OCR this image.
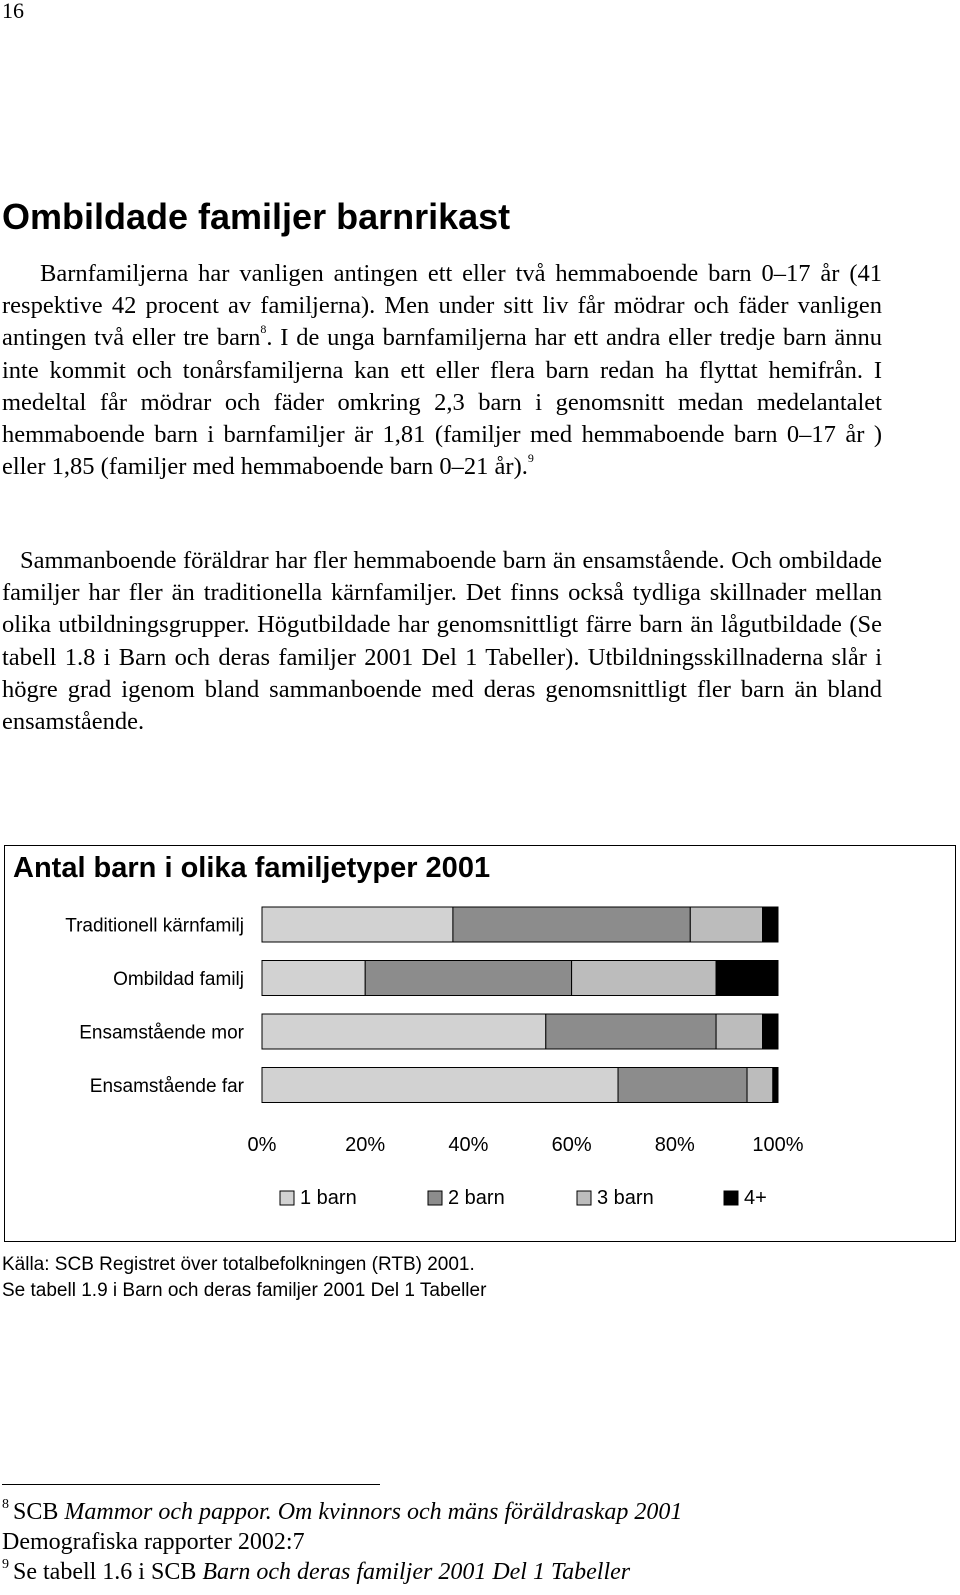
16
Ombildade familjer barnrikast

Barnfamiljerna har vanligen antingen ett eller två hemmaboende barn 0–17 år (41 respektive 42 procent av familjerna). Men under sitt liv får mödrar och fäder vanligen antingen två eller tre barn$^8$. I de unga barnfamiljerna har ett andra eller tredje barn ännu inte kommit och tonårsfamiljerna kan ett eller flera barn redan ha flyttat hemifrån. I medeltal får mödrar och fäder omkring 2,3 barn i genomsnitt medan medelantalet hemmaboende barn i barnfamiljer är 1,81 (familjer med hemmaboende barn 0–17 år ) eller 1,85 (familjer med hemmaboende barn 0–21 år).$^9$

Sammanboende föräldrar har fler hemmaboende barn än ensamstående. Och ombildade familjer har fler än traditionella kärnfamiljer. Det finns också tydliga skillnader mellan olika utbildningsgrupper. Högutbildade har genomsnittligt färre barn än lågutbildade (Se tabell 1.8 i Barn och deras familjer 2001 Del 1 Tabeller). Utbildningsskillnaderna slår i högre grad igenom bland sammanboende med deras genomsnittligt fler barn än bland ensamstående.

Antal barn i olika familjetyper 2001
Traditionell kärnfamilj
Ombildad familj
Ensamstående mor
Ensamstående far
0%	20%	40%	60%	80%	100%
1 barn	2 barn	3 barn	4+
Källa: SCB Registret över totalbefolkningen (RTB) 2001.
Se tabell 1.9 i Barn och deras familjer 2001 Del 1 Tabeller
$^8$ SCB Mammor och pappor. Om kvinnors och mäns föräldraskap 2001
Demografiska rapporter 2002:7
$^9$ Se tabell 1.6 i SCB Barn och deras familjer 2001 Del 1 Tabeller
